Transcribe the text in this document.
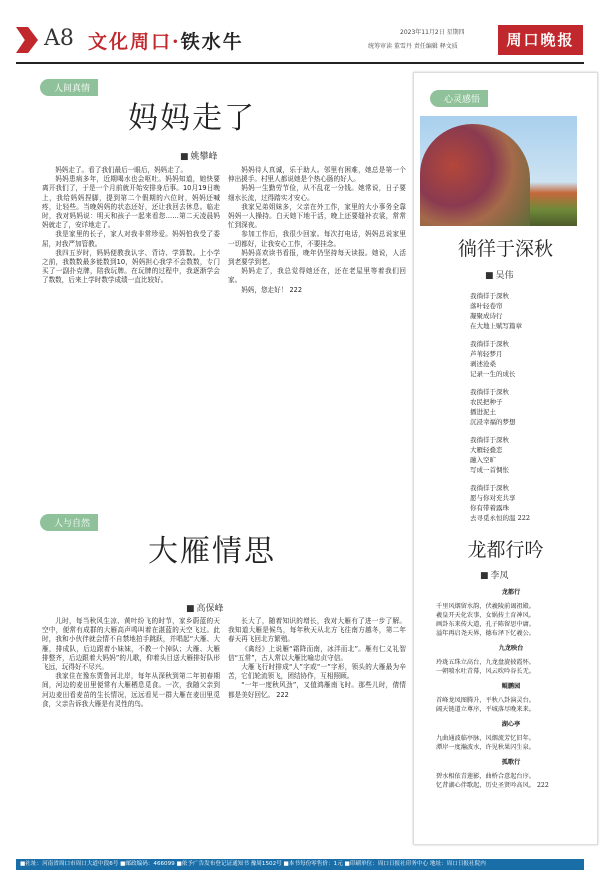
A8 文化周口·铁水牛	2023年11月2日 星期四
统筹审读 董雪丹 责任编辑 释文质	周口晚报
人间真情
妈妈走了
■ 姚攀峰

妈妈走了。看了我们最后一眼后，妈妈走了。

妈妈患病多年，近期喝水也会呕吐。妈妈知道，她快要离开我们了，于是一个月前就开始安排身后事。10月19日晚上，我给妈妈捏脚，提到第二个假期的六位时，妈妈还喊疼，让轻些。当晚妈妈的状态还好，还让我回去休息。临走时，我对妈妈说：明天和孩子一起来看您……第二天凌晨妈妈就走了，安详地走了。

我是家里的长子，家人对我非常珍爱。妈妈怕我受了委屈，对我严加管教。

我四五岁时，妈妈便教我认字、背诗、学算数。上小学之前，我数数最多能数到10，妈妈担心我学不会数数，专门买了一副扑克牌，陪我玩牌。在玩牌的过程中，我逐渐学会了数数，后来上学时数学成绩一直比较好。

妈妈待人真诚，乐于助人。邻里有困难，她总是第一个伸出援手。村里人都说她是个热心肠的好人。

妈妈一生勤劳节俭，从不乱花一分钱。她常说，日子要细水长流，过得踏实才安心。

我家兄弟姐妹多，父亲在外工作，家里的大小事务全靠妈妈一人操持。白天她下地干活，晚上还要缝补衣裳，常常忙到深夜。

参加工作后，我很少回家。每次打电话，妈妈总说家里一切都好，让我安心工作，不要挂念。

妈妈喜欢读书看报，晚年仍坚持每天读报。她说，人活到老要学到老。

妈妈走了，我总觉得她还在，还在老屋里等着我们回家。

妈妈，您走好！ 222

人与自然
大雁情思
■ 高保峰

儿时，每当秋风生凉、黄叶纷飞的时节，家乡蔚蓝的天空中，便常有成群的大雁高声鸣叫着在湛蓝的天空飞过。此时，我和小伙伴就会情不自禁地拍手跳跃，并唱起“大雁、大雁，排成队，后边跟着小妹妹，不教一个掉队；大雁、大雁排整齐，后边跟着大妈妈”的儿歌，仰着头目送大雁排好队形飞远，玩得好不尽兴。

我家住在豫东贾鲁河北岸，每年从深秋到第二年初春期间，河边的麦田里便常有大雁栖息觅食。一次，我随父亲到河边麦田看麦苗的生长情况，远远看见一群大雁在麦田里觅食，父亲告诉我大雁是有灵性的鸟。

长大了，随着知识的增长，我对大雁有了进一步了解。我知道大雁是候鸟，每年秋天从北方飞往南方越冬，第二年春天再飞回北方繁殖。

《禽经》上说雁“霜降而南，冰泮而北”。雁有仁义礼智信“五常”，古人常以大雁比喻忠贞守信。

大雁飞行时排成“人”字或“一”字形，领头的大雁最为辛苦，它们轮流领飞，团结协作，互相照顾。

“一年一度秋风劲”，又值鸿雁南飞时。那些儿时，倩情都是美好回忆。 222

心灵感悟
徜徉于深秋
■ 吴伟
我徜徉于深秋
落叶轻卷帘
凝聚成诗行
在大地上赋写篇章
我徜徉于深秋
芦苇轻梦月
剥述沧桑
记录一生的成长
我徜徉于深秋
农民把种子
播进泥土
沉浸幸福的梦想
我徜徉于深秋
大雁轻叠恋
融入空旷
写成一首惆怅
我徜徉于深秋
愿与你对充共享
你有带着露珠
去寻觅永恒的温 222
龙都行吟
■ 李凤
龙都行
千里风烟留水韵，伏羲陵前谒祖殿。
羲皇开天化农事，女娲抟土育神风。
画卦东来传大道，孔子陈留思中庸。
溢年再启尧天界，德布泽下忆羲公。
九龙映台
玲珑五珠立高台，九龙盘旋披霞怀。
一朝喷水吐青幕，风云吹吟谷长无。
鲲鹏园
首峰龙凤图腾升，平秋八卦演灵台。
阔天链道立尊序，平城落尽晚来来。
湖心亭
九曲通波临亭脉，风烟流芳忆旧年。
潭岸一度瀚波水，许见秋果闪生泉。
孤歌行
碧水相依青莲影，曲桥合意起台序。
忆昔湖心伴歌起，历史圣贤吟高风。 222
■社址：河南省周口市周口大道中段6号 ■邮政编码：466099 ■依予广告发布登记证通知书 豫周1502号 ■本书每份零售价：1元 ■印刷单位：周口日报社印务中心 地址：周口日报社院内
